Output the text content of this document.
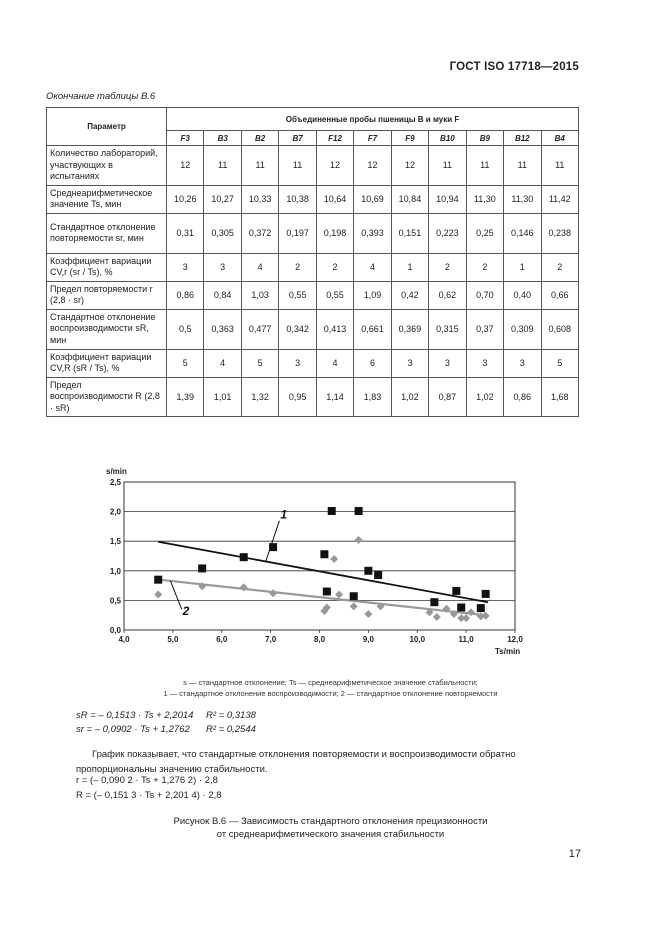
ГОСТ ISO 17718—2015
Окончание таблицы В.6
Параметр	Объединенные пробы пшеницы B и муки F										
	F3	B3	B2	B7	F12	F7	F9	B10	B9	B12	B4
Количество лабораторий, участвующих в испытаниях	12	11	11	11	12	12	12	11	11	11	11
Среднеарифметическое значение Ts, мин	10,26	10,27	10,33	10,38	10,64	10,69	10,84	10,94	11,30	11,30	11,42
Стандартное отклонение повторяемости sr, мин	0,31	0,305	0,372	0,197	0,198	0,393	0,151	0,223	0,25	0,146	0,238
Коэффициент вариации CV,r (sr / Ts), %	3	3	4	2	2	4	1	2	2	1	2
Предел повторяемости r (2,8 · sr)	0,86	0,84	1,03	0,55	0,55	1,09	0,42	0,62	0,70	0,40	0,66
Стандартное отклонение воспроизводимости sR, мин	0,5	0,363	0,477	0,342	0,413	0,661	0,369	0,315	0,37	0,309	0,608
Коэффициент вариации CV,R (sR / Ts), %	5	4	5	3	4	6	3	3	3	3	5
Предел воспроизводимости R (2,8 · sR)	1,39	1,01	1,32	0,95	1,14	1,83	1,02	0,87	1,02	0,86	1,68
0,0
0,5
1,0
1,5
2,0
2,5
4,0	5,0	6,0	7,0	8,0	9,0	10,0	11,0	12,0
s/min
Ts/min
1
2
s — стандартное отклонение; Ts — среднеарифметическое значение стабильности;
1 — стандартное отклонение воспроизводимости; 2 — стандартное отклонение повторяемости
sR = – 0,1513 · Ts + 2,2014 R² = 0,3138
sr = – 0,0902 · Ts + 1,2762 R² = 0,2544
График показывает, что стандартные отклонения повторяемости и воспроизводимости обратно пропорциональны значению стабильности.
r = (– 0,090 2 · Ts + 1,276 2) · 2,8
R = (– 0,151 3 · Ts + 2,201 4) · 2,8
Рисунок В.6 — Зависимость стандартного отклонения прецизионности
от среднеарифметического значения стабильности
17
